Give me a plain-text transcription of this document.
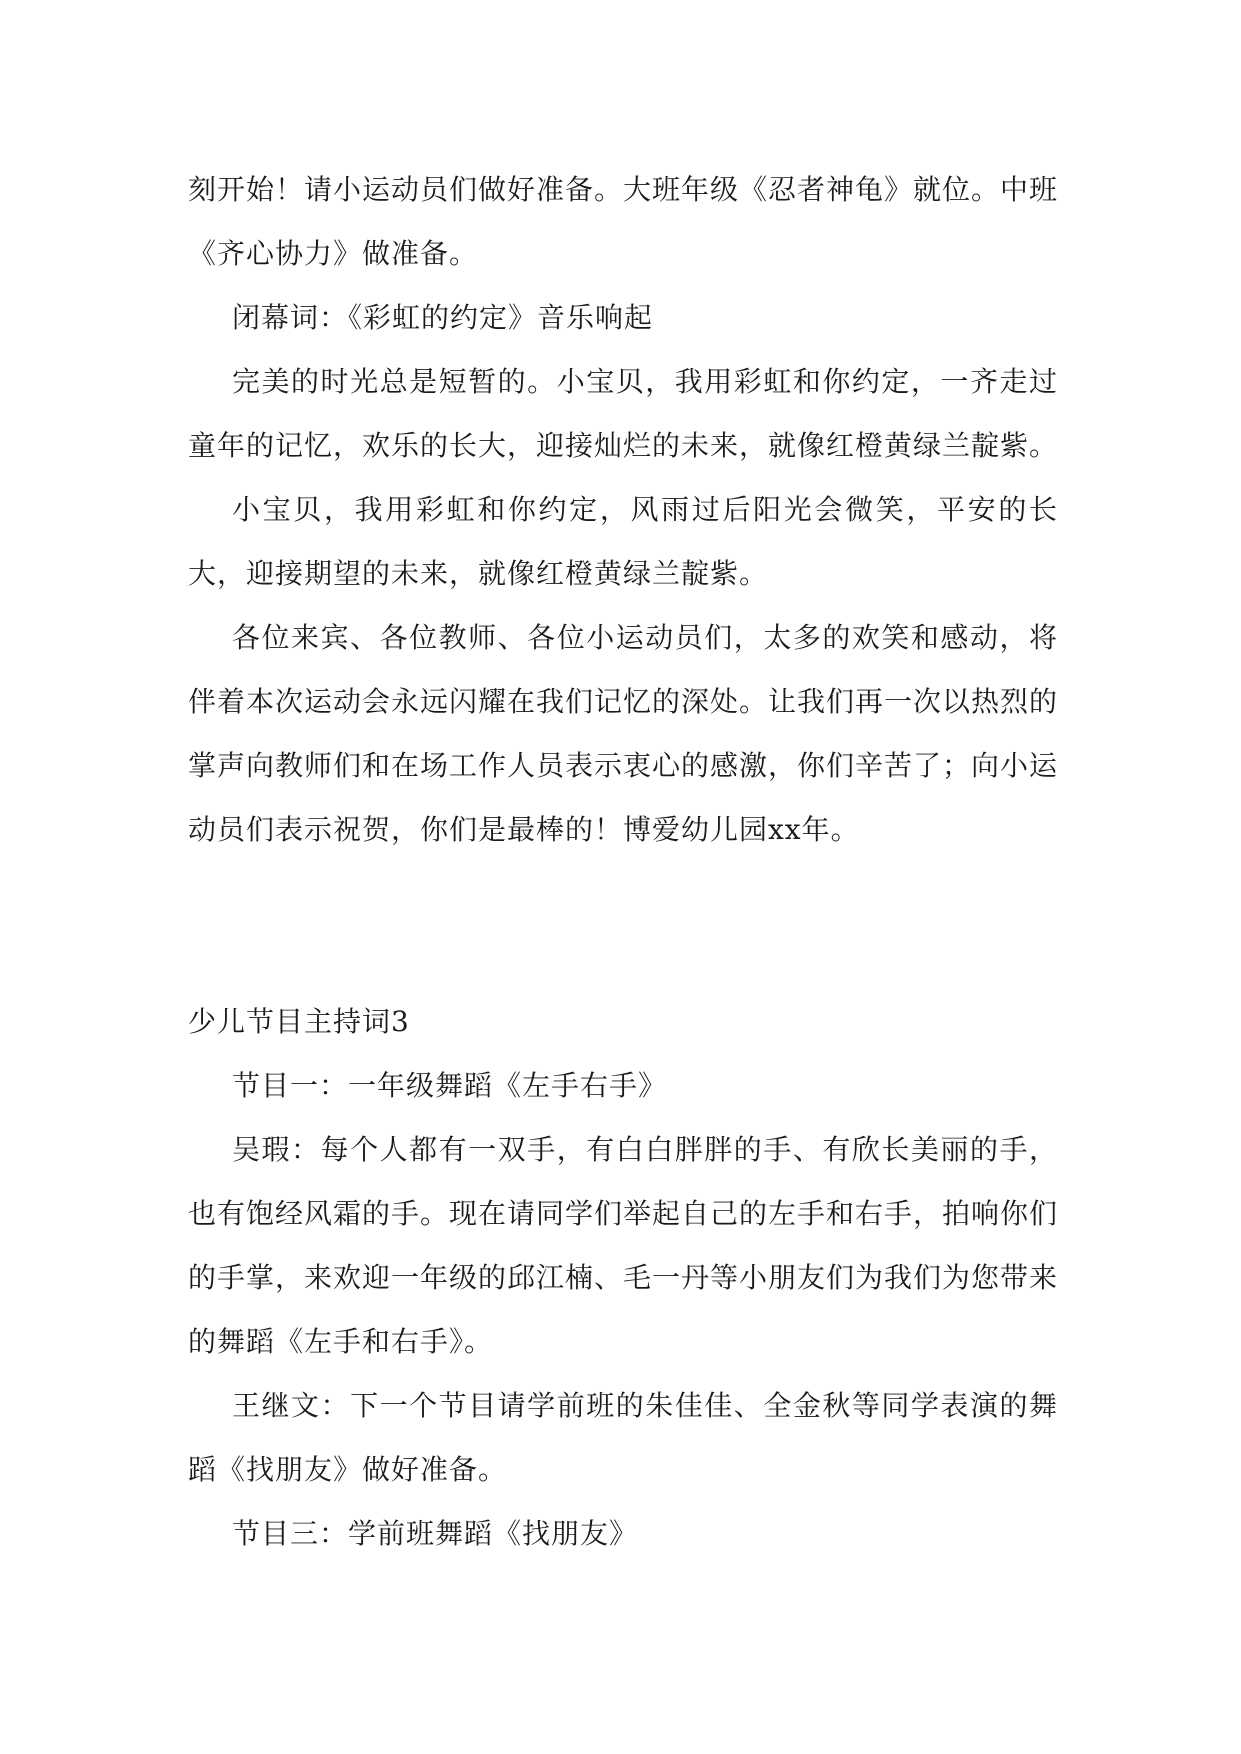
刻开始！请小运动员们做好准备。大班年级《忍者神龟》就位。中班《齐心协力》做准备。

闭幕词：《彩虹的约定》音乐响起

完美的时光总是短暂的。小宝贝，我用彩虹和你约定，一齐走过童年的记忆，欢乐的长大，迎接灿烂的未来，就像红橙黄绿兰靛紫。

小宝贝，我用彩虹和你约定，风雨过后阳光会微笑，平安的长大，迎接期望的未来，就像红橙黄绿兰靛紫。

各位来宾、各位教师、各位小运动员们，太多的欢笑和感动，将伴着本次运动会永远闪耀在我们记忆的深处。让我们再一次以热烈的掌声向教师们和在场工作人员表示衷心的感激，你们辛苦了；向小运动员们表示祝贺，你们是最棒的！博爱幼儿园xx年。

少儿节目主持词3

节目一：一年级舞蹈《左手右手》

吴瑕：每个人都有一双手，有白白胖胖的手、有欣长美丽的手，也有饱经风霜的手。现在请同学们举起自己的左手和右手，拍响你们的手掌，来欢迎一年级的邱江楠、毛一丹等小朋友们为我们为您带来的舞蹈《左手和右手》。

王继文：下一个节目请学前班的朱佳佳、全金秋等同学表演的舞蹈《找朋友》做好准备。

节目三：学前班舞蹈《找朋友》
